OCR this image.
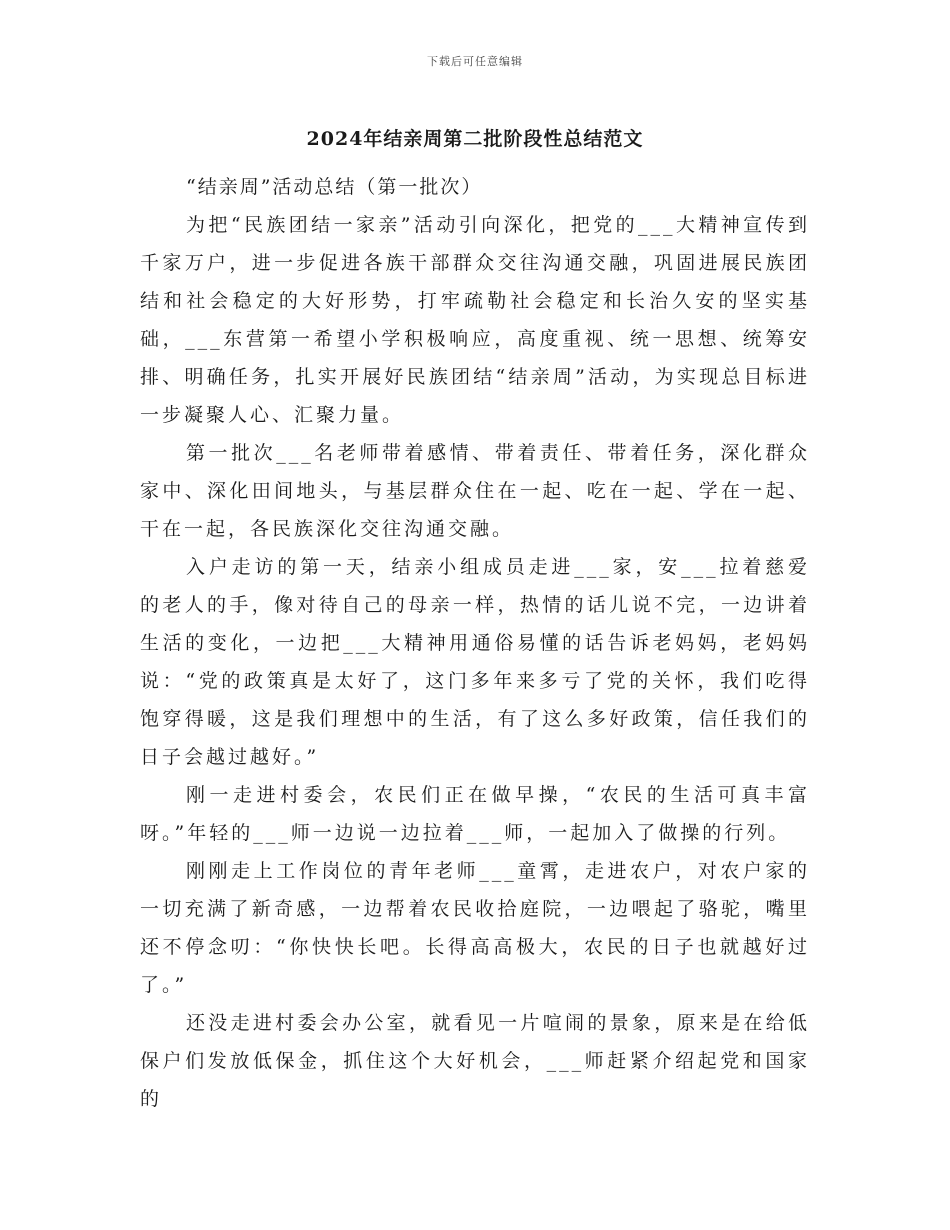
下载后可任意编辑
2024年结亲周第二批阶段性总结范文

“结亲周”活动总结（第一批次）

为把“民族团结一家亲”活动引向深化，把党的___大精神宣传到千家万户，进一步促进各族干部群众交往沟通交融，巩固进展民族团结和社会稳定的大好形势，打牢疏勒社会稳定和长治久安的坚实基础，___东营第一希望小学积极响应，高度重视、统一思想、统筹安排、明确任务，扎实开展好民族团结“结亲周”活动，为实现总目标进一步凝聚人心、汇聚力量。

第一批次___名老师带着感情、带着责任、带着任务，深化群众家中、深化田间地头，与基层群众住在一起、吃在一起、学在一起、干在一起，各民族深化交往沟通交融。

入户走访的第一天，结亲小组成员走进___家，安___拉着慈爱的老人的手，像对待自己的母亲一样，热情的话儿说不完，一边讲着生活的变化，一边把___大精神用通俗易懂的话告诉老妈妈，老妈妈说：“党的政策真是太好了，这门多年来多亏了党的关怀，我们吃得饱穿得暖，这是我们理想中的生活，有了这么多好政策，信任我们的日子会越过越好。”

刚一走进村委会，农民们正在做早操，“农民的生活可真丰富呀。”年轻的___师一边说一边拉着___师，一起加入了做操的行列。

刚刚走上工作岗位的青年老师___童霄，走进农户，对农户家的一切充满了新奇感，一边帮着农民收拾庭院，一边喂起了骆驼，嘴里还不停念叨：“你快快长吧。长得高高极大，农民的日子也就越好过了。”

还没走进村委会办公室，就看见一片喧闹的景象，原来是在给低保户们发放低保金，抓住这个大好机会，___师赶紧介绍起党和国家的
